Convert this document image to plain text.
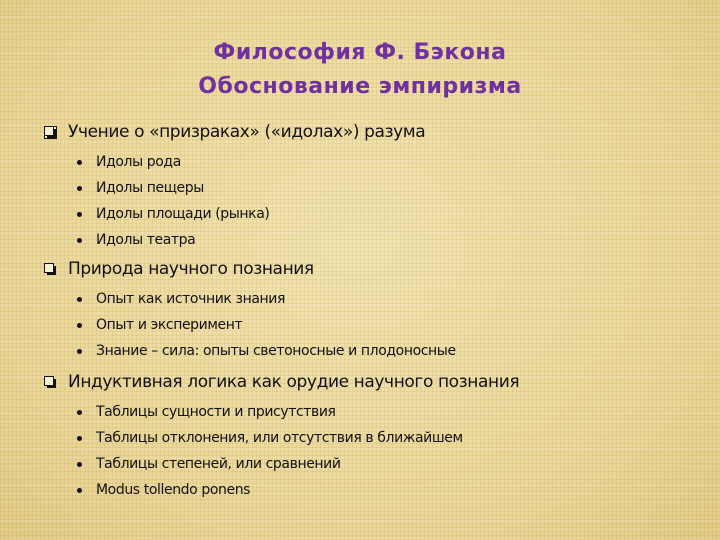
Философия Ф. Бэкона
Обоснование эмпиризма
Учение о «призраках» («идолах») разума
Идолы рода
Идолы пещеры
Идолы площади (рынка)
Идолы театра
Природа научного познания
Опыт как источник знания
Опыт и эксперимент
Знание – сила: опыты светоносные и плодоносные
Индуктивная логика как орудие научного познания
Таблицы сущности и присутствия
Таблицы отклонения, или отсутствия в ближайшем
Таблицы степеней, или сравнений
Modus tollendo ponens
